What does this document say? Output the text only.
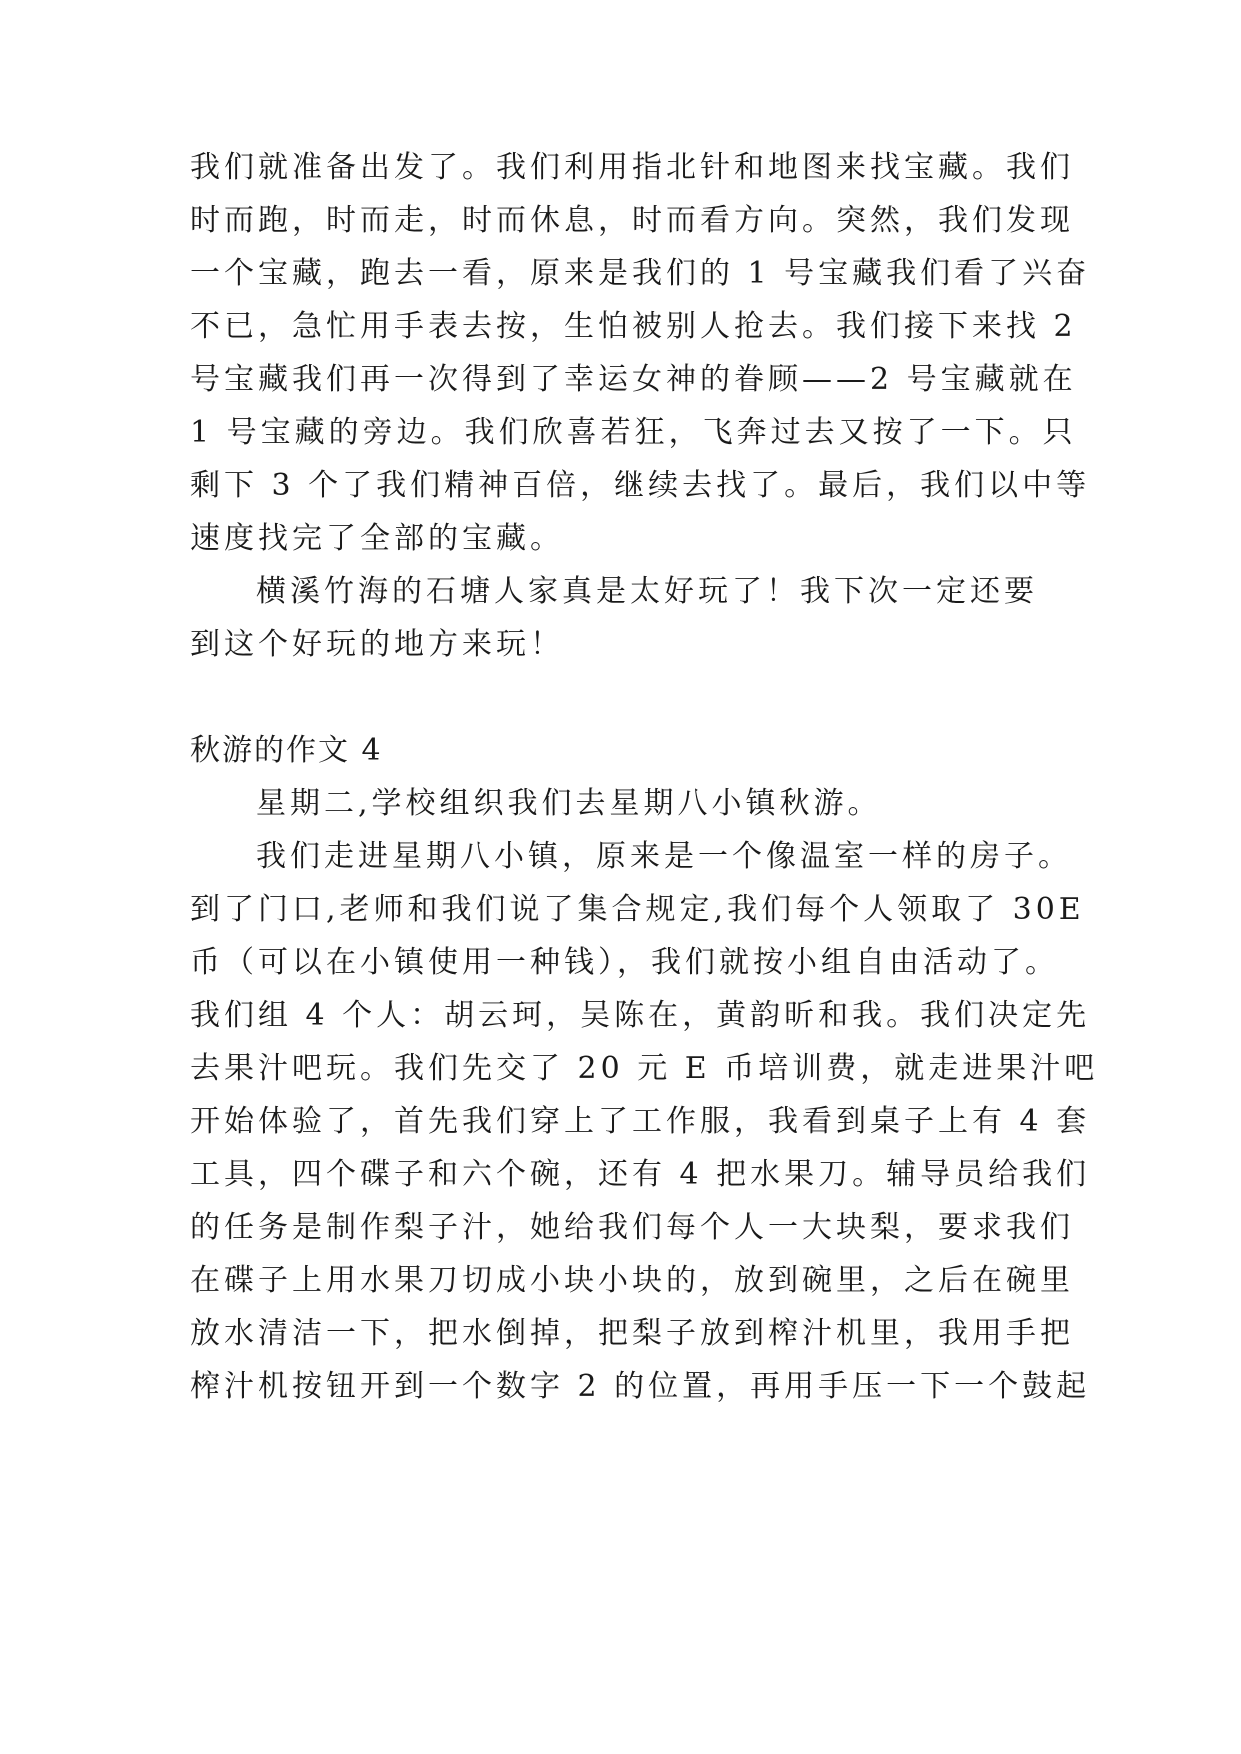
我们就准备出发了。我们利用指北针和地图来找宝藏。我们
时而跑，时而走，时而休息，时而看方向。突然，我们发现
一个宝藏，跑去一看，原来是我们的 1 号宝藏我们看了兴奋
不已，急忙用手表去按，生怕被别人抢去。我们接下来找 2
号宝藏我们再一次得到了幸运女神的眷顾——2 号宝藏就在
1 号宝藏的旁边。我们欣喜若狂，飞奔过去又按了一下。只
剩下 3 个了我们精神百倍，继续去找了。最后，我们以中等
速度找完了全部的宝藏。
横溪竹海的石塘人家真是太好玩了！我下次一定还要
到这个好玩的地方来玩！
秋游的作文 4
星期二,学校组织我们去星期八小镇秋游。
我们走进星期八小镇，原来是一个像温室一样的房子。
到了门口,老师和我们说了集合规定,我们每个人领取了 30E
币（可以在小镇使用一种钱），我们就按小组自由活动了。
我们组 4 个人：胡云珂，吴陈在，黄韵昕和我。我们决定先
去果汁吧玩。我们先交了 20 元 E 币培训费，就走进果汁吧
开始体验了，首先我们穿上了工作服，我看到桌子上有 4 套
工具，四个碟子和六个碗，还有 4 把水果刀。辅导员给我们
的任务是制作梨子汁，她给我们每个人一大块梨，要求我们
在碟子上用水果刀切成小块小块的，放到碗里，之后在碗里
放水清洁一下，把水倒掉，把梨子放到榨汁机里，我用手把
榨汁机按钮开到一个数字 2 的位置，再用手压一下一个鼓起
